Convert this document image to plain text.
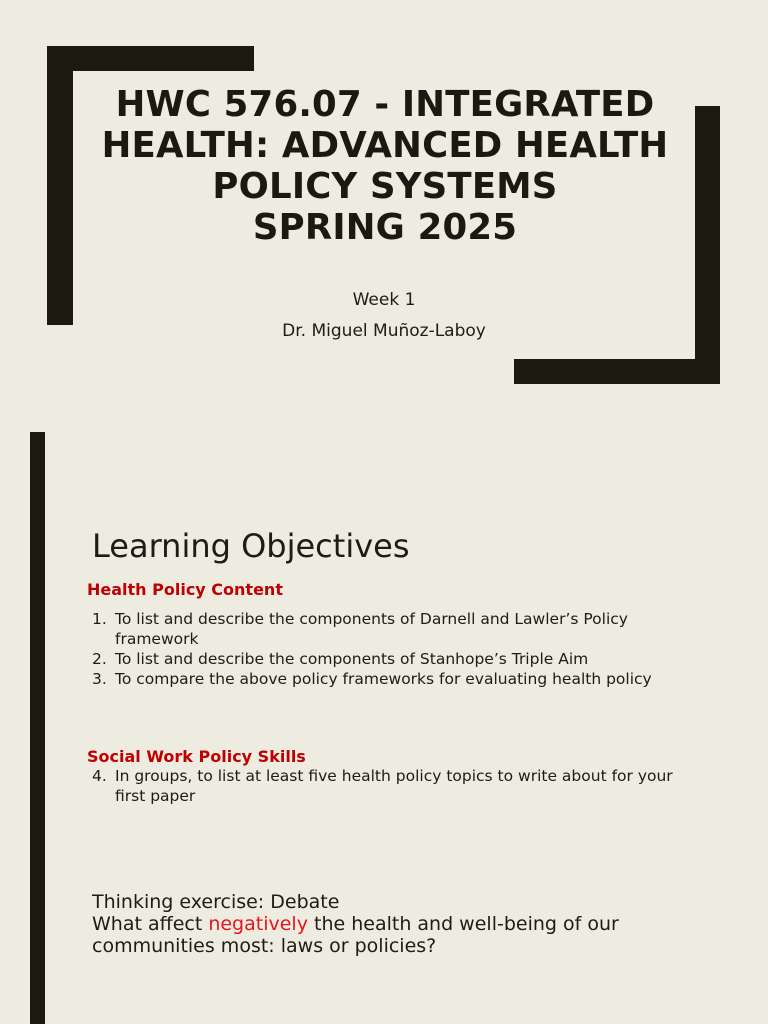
HWC 576.07 - INTEGRATED
HEALTH: ADVANCED HEALTH
POLICY SYSTEMS
SPRING 2025
Week 1
Dr. Miguel Muñoz-Laboy
Learning Objectives
Health Policy Content
1. To list and describe the components of Darnell and Lawler’s Policy framework
2. To list and describe the components of Stanhope’s Triple Aim
3. To compare the above policy frameworks for evaluating health policy
Social Work Policy Skills
4. In groups, to list at least five health policy topics to write about for your first paper
Thinking exercise: Debate
What affect negatively the health and well-being of our
communities most: laws or policies?
